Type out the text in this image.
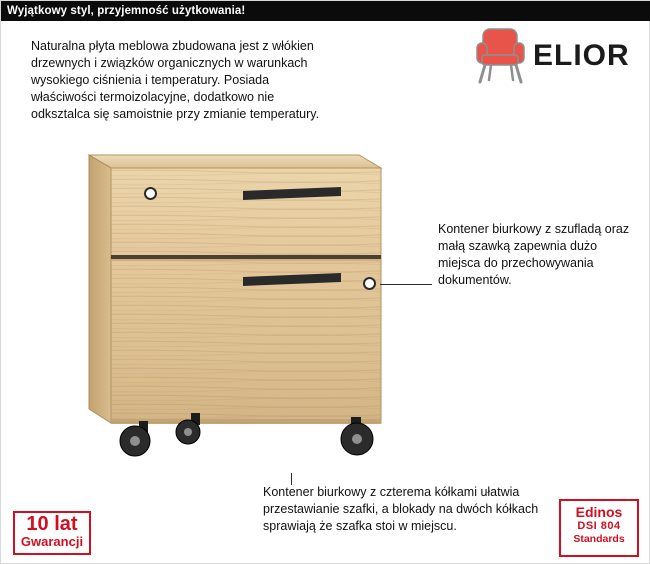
Wyjątkowy styl, przyjemność użytkowania!
Naturalna płyta meblowa zbudowana jest z włókien drzewnych i związków organicznych w warunkach wysokiego ciśnienia i temperatury. Posiada właściwości termoizolacyjne, dodatkowo nie odksztalca się samoistnie przy zmianie temperatury.
ELIOR
Kontener biurkowy z szufladą oraz małą szawką zapewnia dużo miejsca do przechowywania dokumentów.
Kontener biurkowy z czterema kółkami ułatwia przestawianie szafki, a blokady na dwóch kółkach sprawiają że szafka stoi w miejscu.
10 lat
Gwarancji
Edinos
DSI 804
Standards
